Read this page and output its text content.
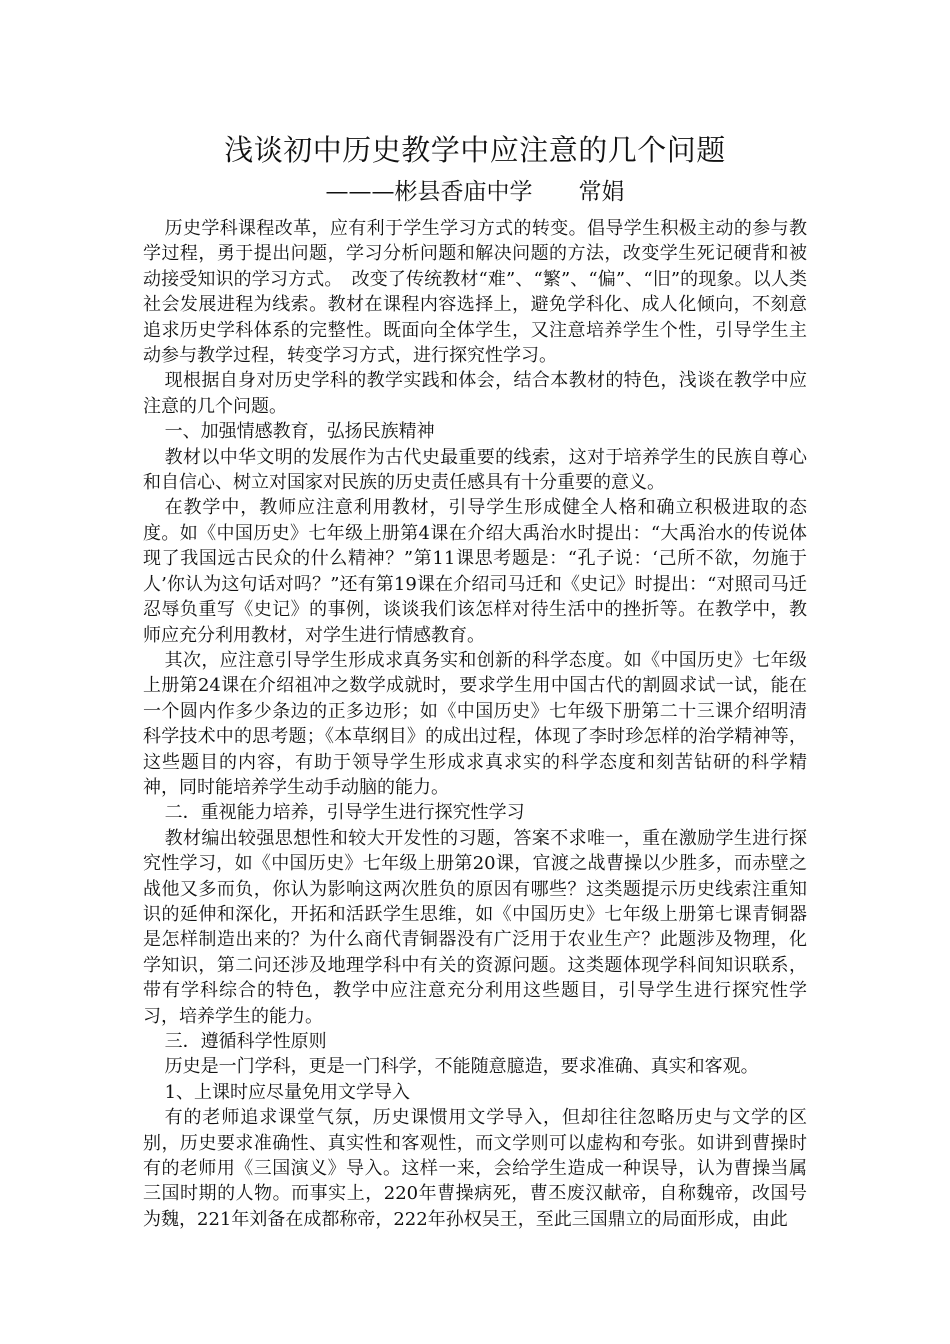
浅谈初中历史教学中应注意的几个问题
———彬县香庙中学　　常娟

历史学科课程改革，应有利于学生学习方式的转变。倡导学生积极主动的参与教学过程，勇于提出问题，学习分析问题和解决问题的方法，改变学生死记硬背和被动接受知识的学习方式。　改变了传统教材“难”、“繁”、“偏”、“旧”的现象。以人类社会发展进程为线索。教材在课程内容选择上，避免学科化、成人化倾向，不刻意追求历史学科体系的完整性。既面向全体学生，又注意培养学生个性，引导学生主动参与教学过程，转变学习方式，进行探究性学习。

现根据自身对历史学科的教学实践和体会，结合本教材的特色，浅谈在教学中应注意的几个问题。

一、加强情感教育，弘扬民族精神

教材以中华文明的发展作为古代史最重要的线索，这对于培养学生的民族自尊心和自信心、树立对国家对民族的历史责任感具有十分重要的意义。

在教学中，教师应注意利用教材，引导学生形成健全人格和确立积极进取的态度。如《中国历史》七年级上册第4课在介绍大禹治水时提出：“大禹治水的传说体现了我国远古民众的什么精神？”第11课思考题是：“孔子说：‘己所不欲，勿施于人’你认为这句话对吗？”还有第19课在介绍司马迁和《史记》时提出：“对照司马迁忍辱负重写《史记》的事例，谈谈我们该怎样对待生活中的挫折等。在教学中，教师应充分利用教材，对学生进行情感教育。

其次，应注意引导学生形成求真务实和创新的科学态度。如《中国历史》七年级上册第24课在介绍祖冲之数学成就时，要求学生用中国古代的割圆求试一试，能在一个圆内作多少条边的正多边形；如《中国历史》七年级下册第二十三课介绍明清科学技术中的思考题；《本草纲目》的成出过程，体现了李时珍怎样的治学精神等，这些题目的内容，有助于领导学生形成求真求实的科学态度和刻苦钻研的科学精神，同时能培养学生动手动脑的能力。

二．重视能力培养，引导学生进行探究性学习

教材编出较强思想性和较大开发性的习题，答案不求唯一，重在激励学生进行探究性学习，如《中国历史》七年级上册第20课，官渡之战曹操以少胜多，而赤壁之战他又多而负，你认为影响这两次胜负的原因有哪些？这类题提示历史线索注重知识的延伸和深化，开拓和活跃学生思维，如《中国历史》七年级上册第七课青铜器是怎样制造出来的？为什么商代青铜器没有广泛用于农业生产？此题涉及物理，化学知识，第二问还涉及地理学科中有关的资源问题。这类题体现学科间知识联系，带有学科综合的特色，教学中应注意充分利用这些题目，引导学生进行探究性学习，培养学生的能力。

三．遵循科学性原则

历史是一门学科，更是一门科学，不能随意臆造，要求准确、真实和客观。

1、上课时应尽量免用文学导入

有的老师追求课堂气氛，历史课惯用文学导入，但却往往忽略历史与文学的区别，历史要求准确性、真实性和客观性，而文学则可以虚构和夸张。如讲到曹操时有的老师用《三国演义》导入。这样一来，会给学生造成一种误导，认为曹操当属三国时期的人物。而事实上，220年曹操病死，曹丕废汉献帝，自称魏帝，改国号为魏，221年刘备在成都称帝，222年孙权吴王，至此三国鼎立的局面形成，由此
